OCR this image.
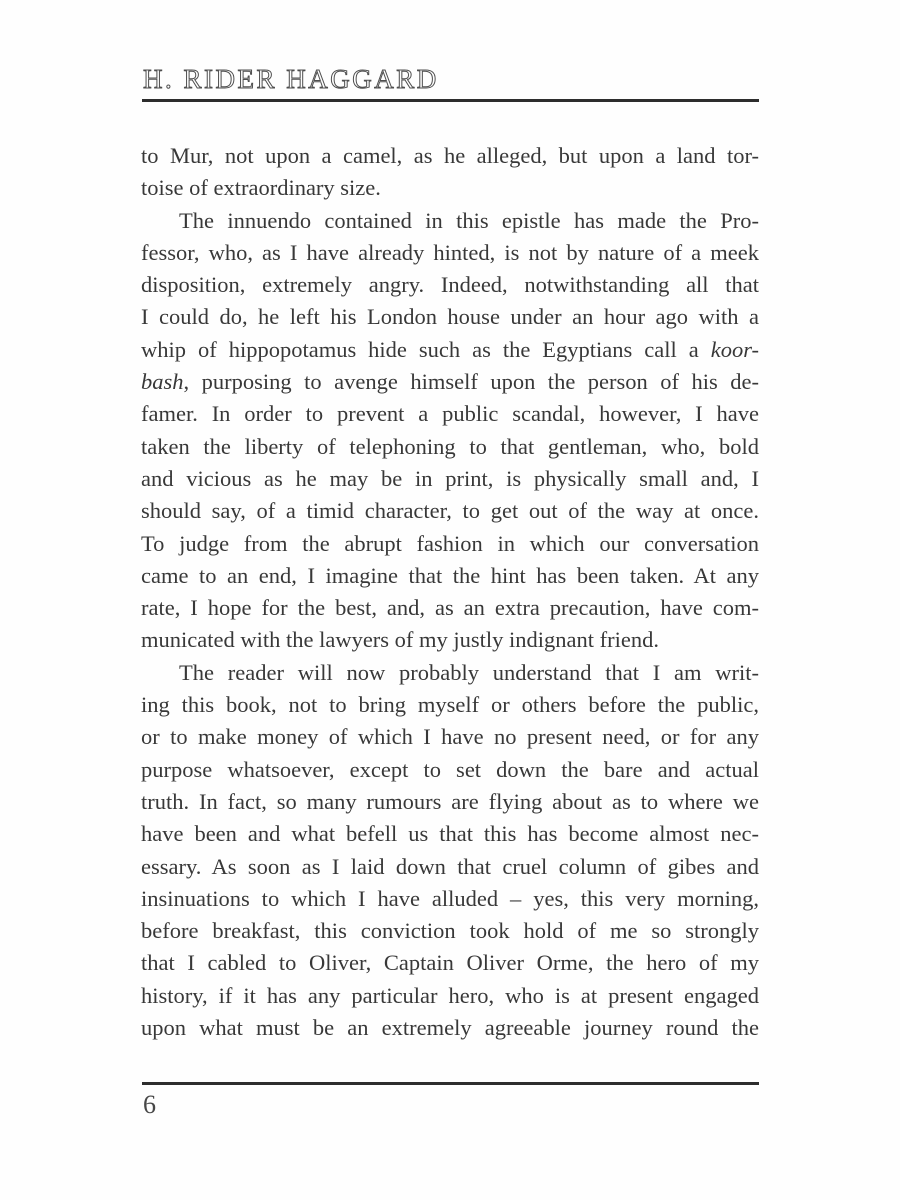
H. RIDER HAGGARD
to Mur, not upon a camel, as he alleged, but upon a land tor-
toise of extraordinary size.
The innuendo contained in this epistle has made the Pro-
fessor, who, as I have already hinted, is not by nature of a meek
disposition, extremely angry. Indeed, notwithstanding all that
I could do, he left his London house under an hour ago with a
whip of hippopotamus hide such as the Egyptians call a koor-
bash, purposing to avenge himself upon the person of his de-
famer. In order to prevent a public scandal, however, I have
taken the liberty of telephoning to that gentleman, who, bold
and vicious as he may be in print, is physically small and, I
should say, of a timid character, to get out of the way at once.
To judge from the abrupt fashion in which our conversation
came to an end, I imagine that the hint has been taken. At any
rate, I hope for the best, and, as an extra precaution, have com-
municated with the lawyers of my justly indignant friend.
The reader will now probably understand that I am writ-
ing this book, not to bring myself or others before the public,
or to make money of which I have no present need, or for any
purpose whatsoever, except to set down the bare and actual
truth. In fact, so many rumours are flying about as to where we
have been and what befell us that this has become almost nec-
essary. As soon as I laid down that cruel column of gibes and
insinuations to which I have alluded – yes, this very morning,
before breakfast, this conviction took hold of me so strongly
that I cabled to Oliver, Captain Oliver Orme, the hero of my
history, if it has any particular hero, who is at present engaged
upon what must be an extremely agreeable journey round the
6
